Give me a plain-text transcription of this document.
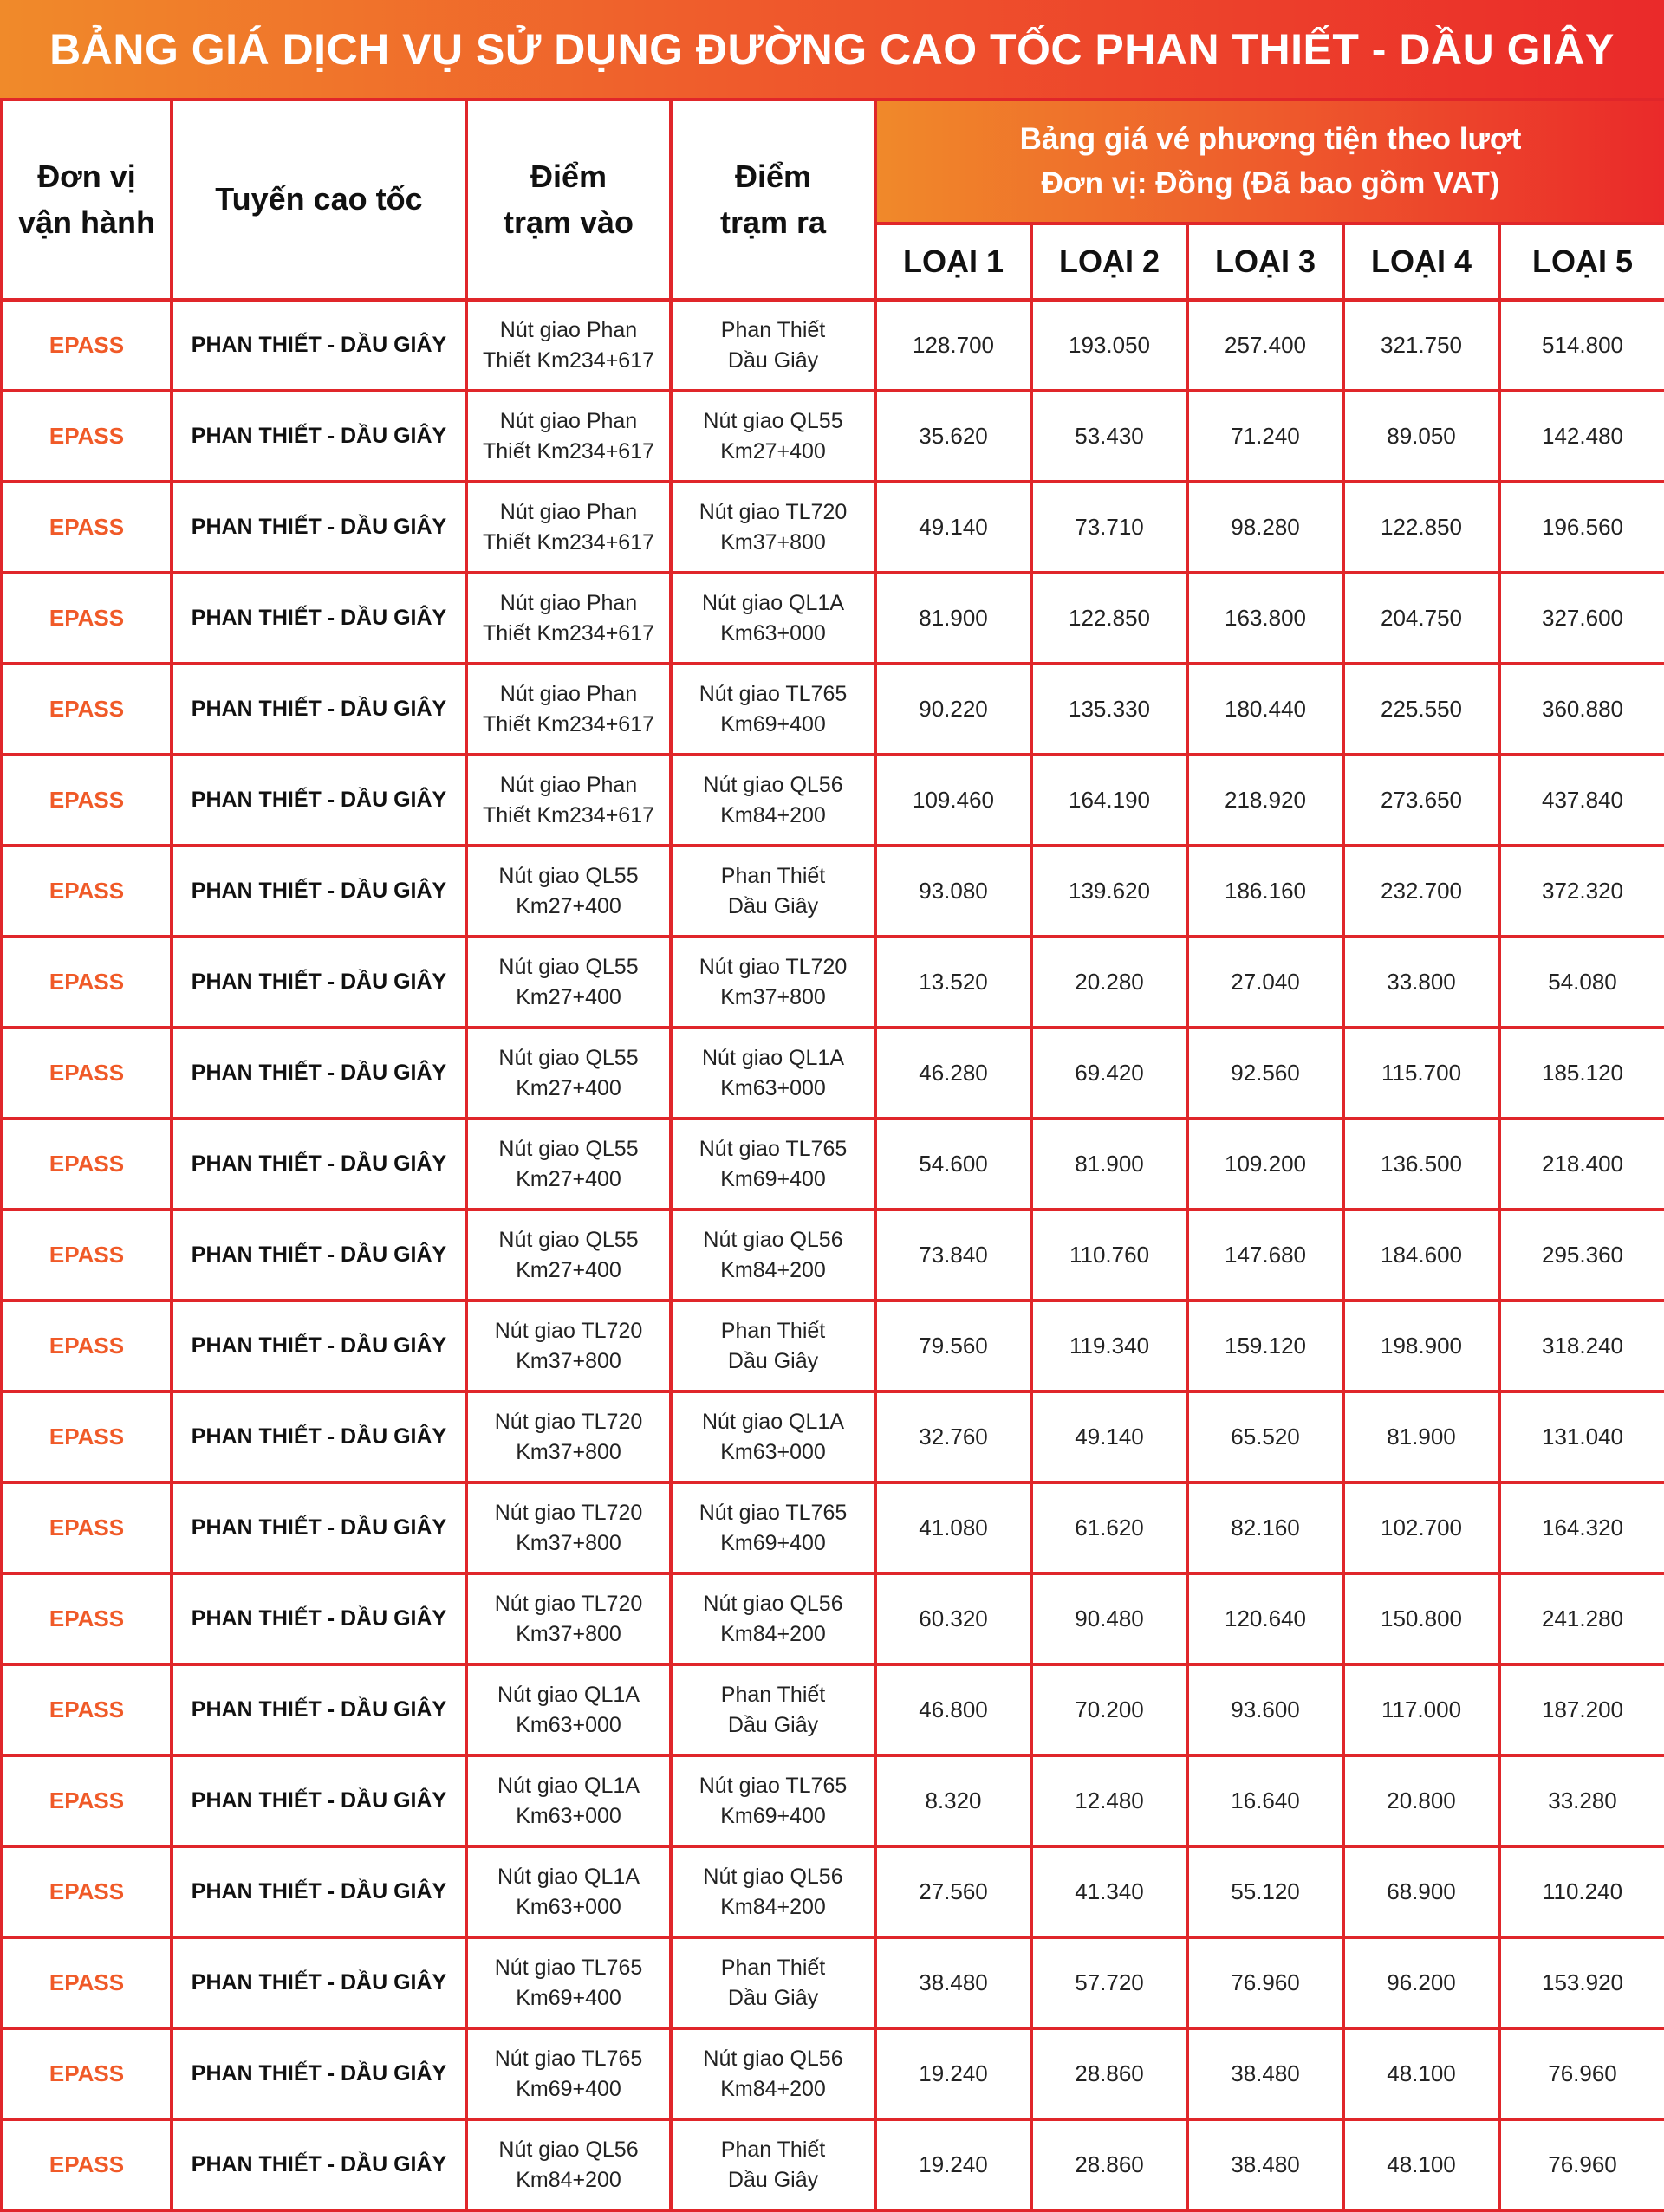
BẢNG GIÁ DỊCH VỤ SỬ DỤNG ĐƯỜNG CAO TỐC PHAN THIẾT - DẦU GIÂY
Đơn vị
vận hành	Tuyến cao tốc	Điểm
trạm vào	Điểm
trạm ra	Bảng giá vé phương tiện theo lượt
Đơn vị: Đồng (Đã bao gồm VAT)				

				LOẠI 1	LOẠI 2	LOẠI 3	LOẠI 4	LOẠI 5
EPASS	PHAN THIẾT - DẦU GIÂY	Nút giao Phan
Thiết Km234+617	Phan Thiết
Dầu Giây	128.700	193.050	257.400	321.750	514.800
EPASS	PHAN THIẾT - DẦU GIÂY	Nút giao Phan
Thiết Km234+617	Nút giao QL55
Km27+400	35.620	53.430	71.240	89.050	142.480
EPASS	PHAN THIẾT - DẦU GIÂY	Nút giao Phan
Thiết Km234+617	Nút giao TL720
Km37+800	49.140	73.710	98.280	122.850	196.560
EPASS	PHAN THIẾT - DẦU GIÂY	Nút giao Phan
Thiết Km234+617	Nút giao QL1A
Km63+000	81.900	122.850	163.800	204.750	327.600
EPASS	PHAN THIẾT - DẦU GIÂY	Nút giao Phan
Thiết Km234+617	Nút giao TL765
Km69+400	90.220	135.330	180.440	225.550	360.880
EPASS	PHAN THIẾT - DẦU GIÂY	Nút giao Phan
Thiết Km234+617	Nút giao QL56
Km84+200	109.460	164.190	218.920	273.650	437.840
EPASS	PHAN THIẾT - DẦU GIÂY	Nút giao QL55
Km27+400	Phan Thiết
Dầu Giây	93.080	139.620	186.160	232.700	372.320
EPASS	PHAN THIẾT - DẦU GIÂY	Nút giao QL55
Km27+400	Nút giao TL720
Km37+800	13.520	20.280	27.040	33.800	54.080
EPASS	PHAN THIẾT - DẦU GIÂY	Nút giao QL55
Km27+400	Nút giao QL1A
Km63+000	46.280	69.420	92.560	115.700	185.120
EPASS	PHAN THIẾT - DẦU GIÂY	Nút giao QL55
Km27+400	Nút giao TL765
Km69+400	54.600	81.900	109.200	136.500	218.400
EPASS	PHAN THIẾT - DẦU GIÂY	Nút giao QL55
Km27+400	Nút giao QL56
Km84+200	73.840	110.760	147.680	184.600	295.360
EPASS	PHAN THIẾT - DẦU GIÂY	Nút giao TL720
Km37+800	Phan Thiết
Dầu Giây	79.560	119.340	159.120	198.900	318.240
EPASS	PHAN THIẾT - DẦU GIÂY	Nút giao TL720
Km37+800	Nút giao QL1A
Km63+000	32.760	49.140	65.520	81.900	131.040
EPASS	PHAN THIẾT - DẦU GIÂY	Nút giao TL720
Km37+800	Nút giao TL765
Km69+400	41.080	61.620	82.160	102.700	164.320
EPASS	PHAN THIẾT - DẦU GIÂY	Nút giao TL720
Km37+800	Nút giao QL56
Km84+200	60.320	90.480	120.640	150.800	241.280
EPASS	PHAN THIẾT - DẦU GIÂY	Nút giao QL1A
Km63+000	Phan Thiết
Dầu Giây	46.800	70.200	93.600	117.000	187.200
EPASS	PHAN THIẾT - DẦU GIÂY	Nút giao QL1A
Km63+000	Nút giao TL765
Km69+400	8.320	12.480	16.640	20.800	33.280
EPASS	PHAN THIẾT - DẦU GIÂY	Nút giao QL1A
Km63+000	Nút giao QL56
Km84+200	27.560	41.340	55.120	68.900	110.240
EPASS	PHAN THIẾT - DẦU GIÂY	Nút giao TL765
Km69+400	Phan Thiết
Dầu Giây	38.480	57.720	76.960	96.200	153.920
EPASS	PHAN THIẾT - DẦU GIÂY	Nút giao TL765
Km69+400	Nút giao QL56
Km84+200	19.240	28.860	38.480	48.100	76.960
EPASS	PHAN THIẾT - DẦU GIÂY	Nút giao QL56
Km84+200	Phan Thiết
Dầu Giây	19.240	28.860	38.480	48.100	76.960
